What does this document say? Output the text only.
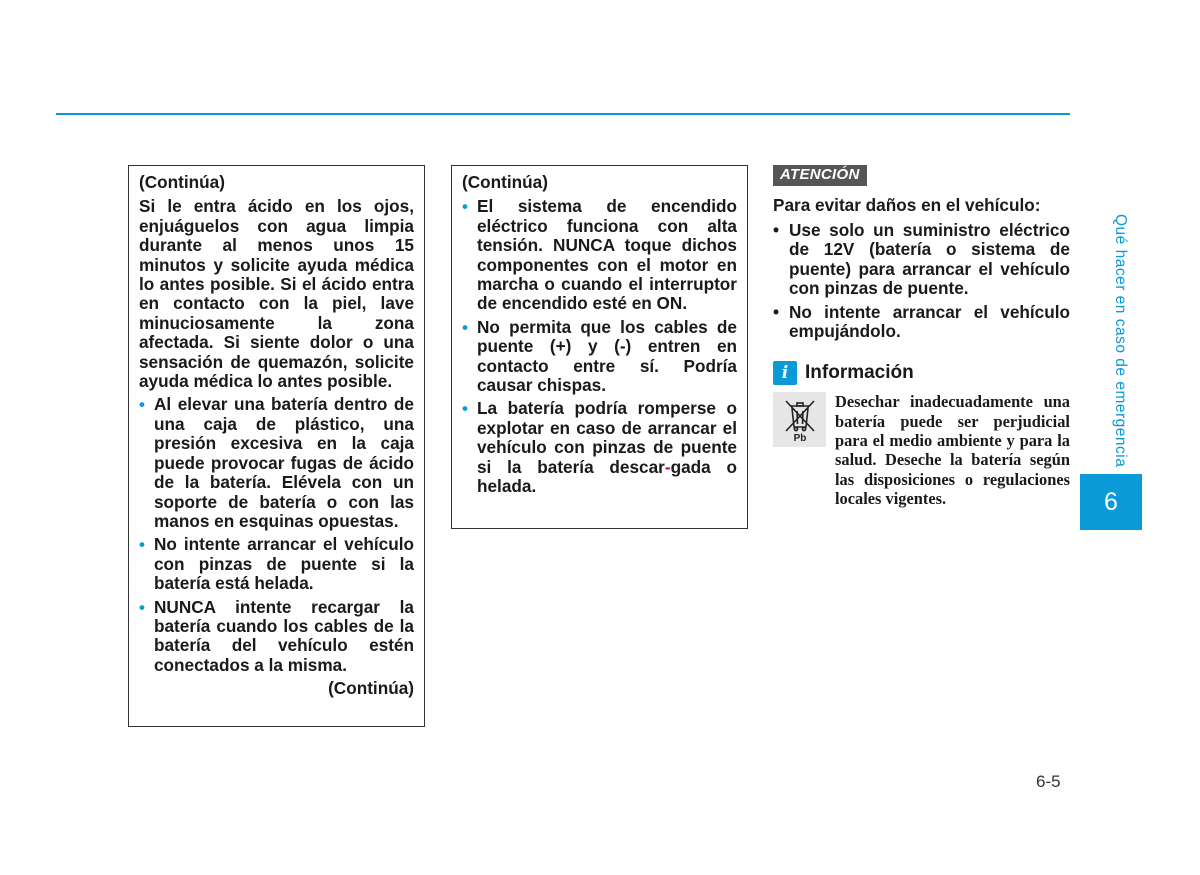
(Continúa)

Si le entra ácido en los ojos, enjuáguelos con agua limpia durante al menos unos 15 minutos y solicite ayuda médica lo antes posible. Si el ácido entra en contacto con la piel, lave minuciosamente la zona afectada. Si siente dolor o una sensación de quemazón, solicite ayuda médica lo antes posible.

• Al elevar una batería dentro de una caja de plástico, una presión excesiva en la caja puede provocar fugas de ácido de la batería. Elévela con un soporte de batería o con las manos en esquinas opuestas.
• No intente arrancar el vehículo con pinzas de puente si la batería está helada.
• NUNCA intente recargar la batería cuando los cables de la batería del vehículo estén conectados a la misma.

(Continúa)

(Continúa)

• El sistema de encendido eléctrico funciona con alta tensión. NUNCA toque dichos componentes con el motor en marcha o cuando el interruptor de encendido esté en ON.
• No permita que los cables de puente (+) y (-) entren en contacto entre sí. Podría causar chispas.
• La batería podría romperse o explotar en caso de arrancar el vehículo con pinzas de puente si la batería descar-gada o helada.
ATENCIÓN
Para evitar daños en el vehículo:
• Use solo un suministro eléctrico de 12V (batería o sistema de puente) para arrancar el vehículo con pinzas de puente.
• No intente arrancar el vehículo empujándolo.
i Información
Pb

Desechar inadecuadamente una batería puede ser perjudicial para el medio ambiente y para la salud. Deseche la batería según las disposiciones o regulaciones locales vigentes.

Qué hacer en caso de emergencia
6
6-5
